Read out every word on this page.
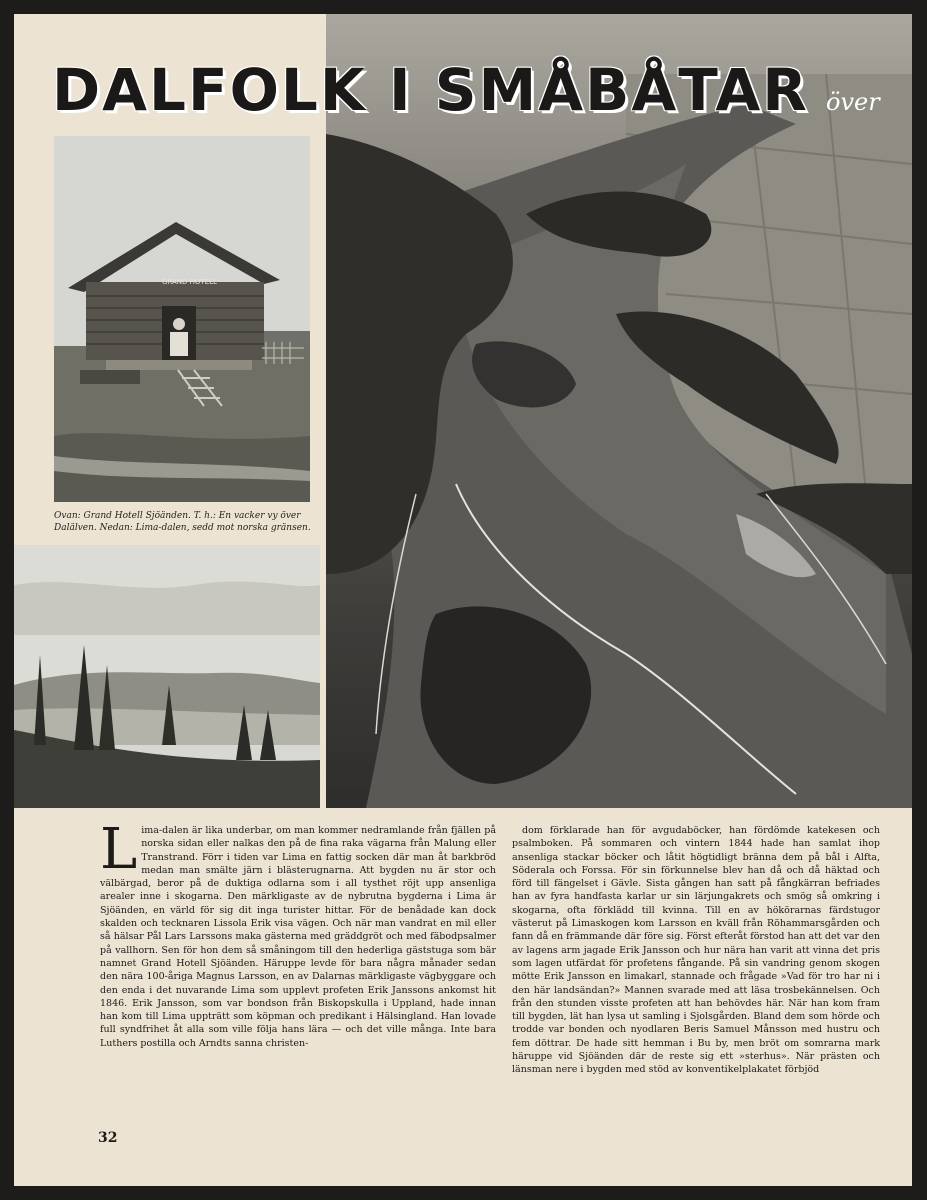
DALFOLK I SMÅBÅTAR över
GRAND HOTELL

Ovan: Grand Hotell Sjöänden. T. h.: En vacker vy över Dalälven. Nedan: Lima-dalen, sedd mot norska gränsen.

Lima-dalen är lika underbar, om man kommer nedramlande från fjällen på norska sidan eller nalkas den på de fina raka vägarna från Malung eller Transtrand. Förr i tiden var Lima en fattig socken där man åt barkbröd medan man smälte järn i blästerugnarna. Att bygden nu är stor och välbärgad, beror på de duktiga odlarna som i all tysthet röjt upp ansenliga arealer inne i skogarna. Den märkligaste av de nybrutna bygderna i Lima är Sjöänden, en värld för sig dit inga turister hittar. För de benådade kan dock skalden och tecknaren Lissola Erik visa vägen. Och när man vandrat en mil eller så hälsar Pål Lars Larssons maka gästerna med gräddgröt och med fäbodpsalmer på vallhorn. Sen för hon dem så småningom till den hederliga gäststuga som bär namnet Grand Hotell Sjöänden. Häruppe levde för bara några månader sedan den nära 100-åriga Magnus Larsson, en av Dalarnas märkligaste vägbyggare och den enda i det nuvarande Lima som upplevt profeten Erik Janssons ankomst hit 1846. Erik Jansson, som var bondson från Biskopskulla i Uppland, hade innan han kom till Lima uppträtt som köpman och predikant i Hälsingland. Han lovade full syndfrihet åt alla som ville följa hans lära — och det ville många. Inte bara Luthers postilla och Arndts sanna christen-

dom förklarade han för avgudaböcker, han fördömde katekesen och psalmboken. På sommaren och vintern 1844 hade han samlat ihop ansenliga stackar böcker och låtit högtidligt bränna dem på bål i Alfta, Söderala och Forssa. För sin förkunnelse blev han då och då häktad och förd till fängelset i Gävle. Sista gången han satt på fångkärran befriades han av fyra handfasta karlar ur sin lärjungakrets och smög så omkring i skogarna, ofta förklädd till kvinna. Till en av hökörarnas färdstugor västerut på Limaskogen kom Larsson en kväll från Röhammarsgården och fann då en främmande där före sig. Först efteråt förstod han att det var den av lagens arm jagade Erik Jansson och hur nära han varit att vinna det pris som lagen utfärdat för profetens fångande. På sin vandring genom skogen mötte Erik Jansson en limakarl, stannade och frågade »Vad för tro har ni i den här landsändan?» Mannen svarade med att läsa trosbekännelsen. Och från den stunden visste profeten att han behövdes här. När han kom fram till bygden, lät han lysa ut samling i Sjolsgården. Bland dem som hörde och trodde var bonden och nyodlaren Beris Samuel Månsson med hustru och fem döttrar. De hade sitt hemman i Bu by, men bröt om somrarna mark häruppe vid Sjöänden där de reste sig ett »sterhus». När prästen och länsman nere i bygden med stöd av konventikelplakatet förbjöd

32
